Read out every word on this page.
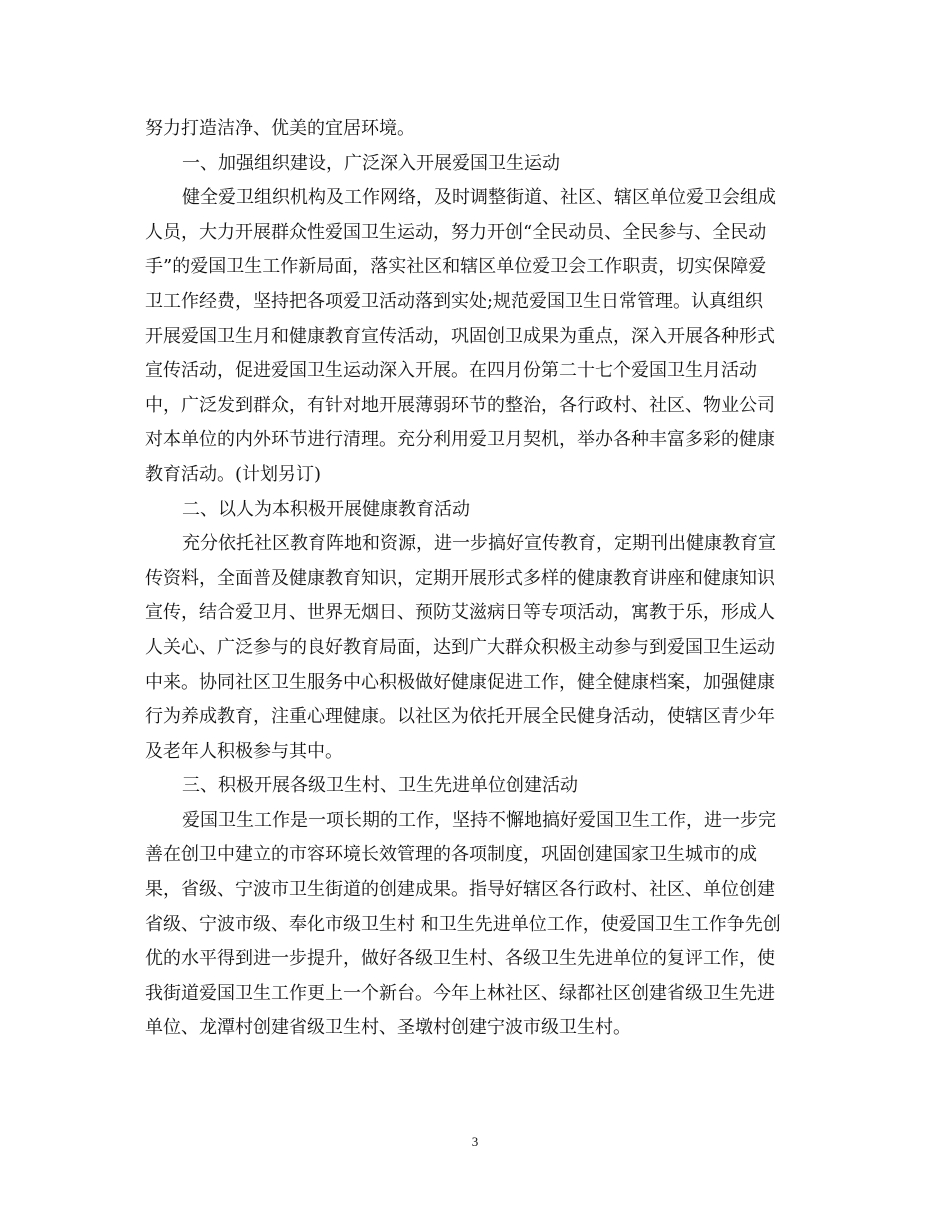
努力打造洁净、优美的宜居环境。

一、加强组织建设，广泛深入开展爱国卫生运动

健全爱卫组织机构及工作网络，及时调整街道、社区、辖区单位爱卫会组成

人员，大力开展群众性爱国卫生运动，努力开创“全民动员、全民参与、全民动

手”的爱国卫生工作新局面，落实社区和辖区单位爱卫会工作职责，切实保障爱

卫工作经费，坚持把各项爱卫活动落到实处;规范爱国卫生日常管理。认真组织

开展爱国卫生月和健康教育宣传活动，巩固创卫成果为重点，深入开展各种形式

宣传活动，促进爱国卫生运动深入开展。在四月份第二十七个爱国卫生月活动

中，广泛发到群众，有针对地开展薄弱环节的整治，各行政村、社区、物业公司

对本单位的内外环节进行清理。充分利用爱卫月契机，举办各种丰富多彩的健康

教育活动。(计划另订)

二、以人为本积极开展健康教育活动

充分依托社区教育阵地和资源，进一步搞好宣传教育，定期刊出健康教育宣

传资料，全面普及健康教育知识，定期开展形式多样的健康教育讲座和健康知识

宣传，结合爱卫月、世界无烟日、预防艾滋病日等专项活动，寓教于乐，形成人

人关心、广泛参与的良好教育局面，达到广大群众积极主动参与到爱国卫生运动

中来。协同社区卫生服务中心积极做好健康促进工作，健全健康档案，加强健康

行为养成教育，注重心理健康。以社区为依托开展全民健身活动，使辖区青少年

及老年人积极参与其中。

三、积极开展各级卫生村、卫生先进单位创建活动

爱国卫生工作是一项长期的工作，坚持不懈地搞好爱国卫生工作，进一步完

善在创卫中建立的市容环境长效管理的各项制度，巩固创建国家卫生城市的成

果，省级、宁波市卫生街道的创建成果。指导好辖区各行政村、社区、单位创建

省级、宁波市级、奉化市级卫生村 和卫生先进单位工作，使爱国卫生工作争先创

优的水平得到进一步提升，做好各级卫生村、各级卫生先进单位的复评工作，使

我街道爱国卫生工作更上一个新台。今年上林社区、绿都社区创建省级卫生先进

单位、龙潭村创建省级卫生村、圣墩村创建宁波市级卫生村。

3
